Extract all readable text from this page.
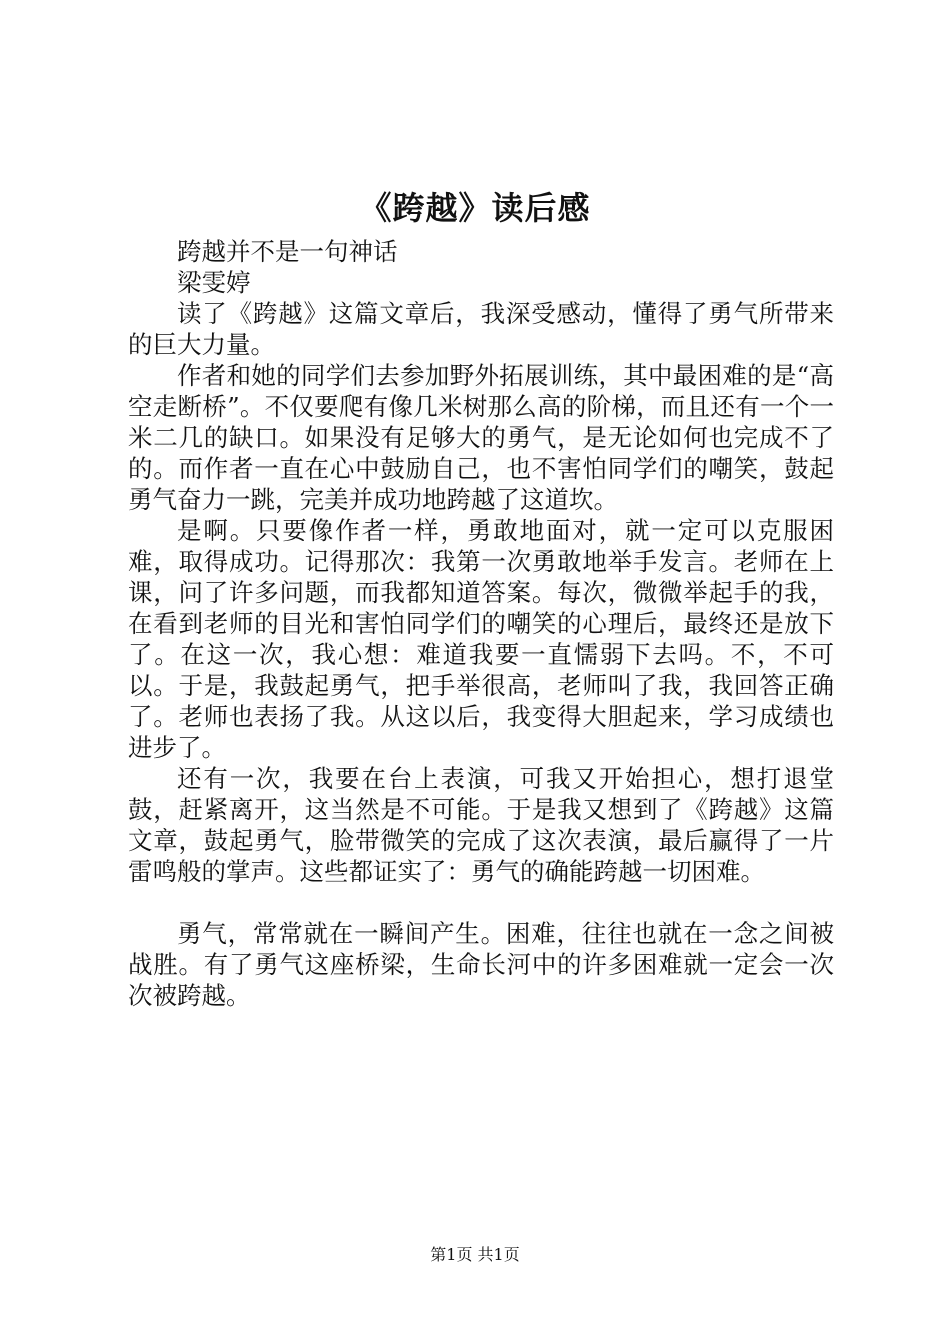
《跨越》读后感

跨越并不是一句神话

梁雯婷

读了《跨越》这篇文章后，我深受感动，懂得了勇气所带来的巨大力量。

作者和她的同学们去参加野外拓展训练，其中最困难的是“高空走断桥”。不仅要爬有像几米树那么高的阶梯，而且还有一个一米二几的缺口。如果没有足够大的勇气，是无论如何也完成不了的。而作者一直在心中鼓励自己，也不害怕同学们的嘲笑，鼓起勇气奋力一跳，完美并成功地跨越了这道坎。

是啊。只要像作者一样，勇敢地面对，就一定可以克服困难，取得成功。记得那次：我第一次勇敢地举手发言。老师在上课，问了许多问题，而我都知道答案。每次，微微举起手的我，在看到老师的目光和害怕同学们的嘲笑的心理后，最终还是放下了。在这一次，我心想：难道我要一直懦弱下去吗。不，不可以。于是，我鼓起勇气，把手举很高，老师叫了我，我回答正确了。老师也表扬了我。从这以后，我变得大胆起来，学习成绩也进步了。

还有一次，我要在台上表演，可我又开始担心，想打退堂鼓，赶紧离开，这当然是不可能。于是我又想到了《跨越》这篇文章，鼓起勇气，脸带微笑的完成了这次表演，最后赢得了一片雷鸣般的掌声。这些都证实了：勇气的确能跨越一切困难。

勇气，常常就在一瞬间产生。困难，往往也就在一念之间被战胜。有了勇气这座桥梁，生命长河中的许多困难就一定会一次次被跨越。

第1页 共1页
